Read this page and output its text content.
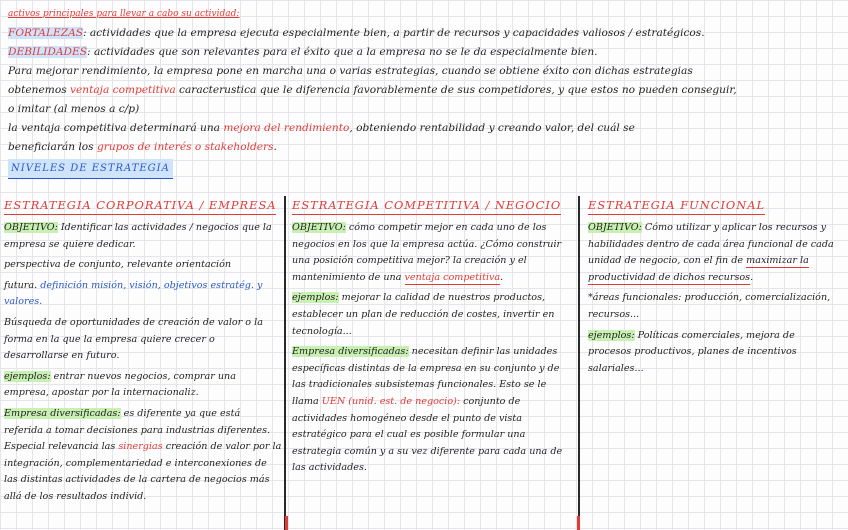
activos principales para llevar a cabo su actividad:

FORTALEZAS: actividades que la empresa ejecuta especialmente bien, a partir de recursos y capacidades valiosos / estratégicos.

DEBILIDADES: actividades que son relevantes para el éxito que a la empresa no se le da especialmente bien.

Para mejorar rendimiento, la empresa pone en marcha una o varias estrategias, cuando se obtiene éxito con dichas estrategias

obtenemos ventaja competitiva caracterustica que le diferencia favorablemente de sus competidores, y que estos no pueden conseguir,

o imitar (al menos a c/p)

la ventaja competitiva determinará una mejora del rendimiento, obteniendo rentabilidad y creando valor, del cuál se

beneficiarán los grupos de interés o stakeholders.

NIVELES DE ESTRATEGIA

ESTRATEGIA CORPORATIVA / EMPRESA

OBJETIVO: Identificar las actividades / negocios que la empresa se quiere dedicar.

perspectiva de conjunto, relevante orientación

futura. definición misión, visión, objetivos estratég. y valores.

Búsqueda de oportunidades de creación de valor o la forma en la que la empresa quiere crecer o desarrollarse en futuro.

ejemplos: entrar nuevos negocios, comprar una empresa, apostar por la internacionaliz.

Empresa diversificadas: es diferente ya que está referida a tomar decisiones para industrias diferentes. Especial relevancia las sinergias creación de valor por la integración, complementariedad e interconexiones de las distintas actividades de la cartera de negocios más allá de los resultados individ.

ESTRATEGIA COMPETITIVA / NEGOCIO

OBJETIVO: cómo competir mejor en cada uno de los negocios en los que la empresa actúa. ¿Cómo construir una posición competitiva mejor? la creación y el mantenimiento de una ventaja competitiva.

ejemplos: mejorar la calidad de nuestros productos, establecer un plan de reducción de costes, invertir en tecnología...

Empresa diversificadas: necesitan definir las unidades específicas distintas de la empresa en su conjunto y de las tradicionales subsistemas funcionales. Esto se le llama UEN (unid. est. de negocio): conjunto de actividades homogéneo desde el punto de vista estratégico para el cual es posible formular una estrategia común y a su vez diferente para cada una de las actividades.

ESTRATEGIA FUNCIONAL

OBJETIVO: Cómo utilizar y aplicar los recursos y habilidades dentro de cada área funcional de cada unidad de negocio, con el fin de maximizar la productividad de dichos recursos.

*áreas funcionales: producción, comercialización, recursos...

ejemplos: Políticas comerciales, mejora de procesos productivos, planes de incentivos salariales...
